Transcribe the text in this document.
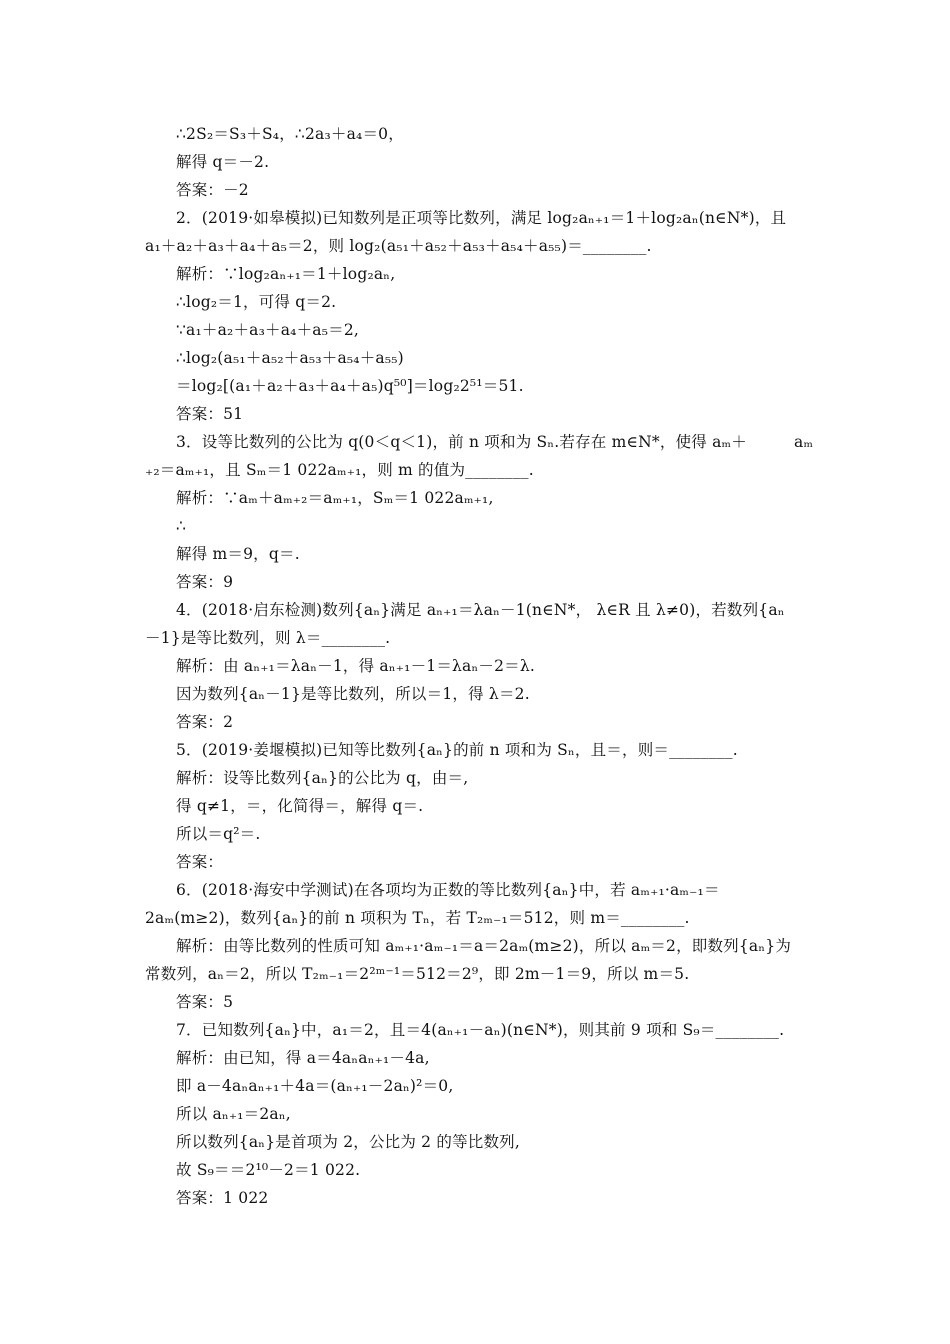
∴2S₂＝S₃＋S₄，∴2a₃＋a₄＝0，
解得 q＝－2.
答案：－2
2．(2019·如皋模拟)已知数列是正项等比数列，满足 log₂aₙ₊₁＝1＋log₂aₙ(n∈N*)，且
a₁＋a₂＋a₃＋a₄＋a₅＝2，则 log₂(a₅₁＋a₅₂＋a₅₃＋a₅₄＋a₅₅)＝________.
解析：∵log₂aₙ₊₁＝1＋log₂aₙ,
∴log₂＝1，可得 q＝2.
∵a₁＋a₂＋a₃＋a₄＋a₅＝2,
∴log₂(a₅₁＋a₅₂＋a₅₃＋a₅₄＋a₅₅)
＝log₂[(a₁＋a₂＋a₃＋a₄＋a₅)q⁵⁰]＝log₂2⁵¹＝51.
答案：51
3．设等比数列的公比为 q(0＜q＜1)，前 n 项和为 Sₙ.若存在 m∈N*，使得 aₘ＋	aₘ
₊₂＝aₘ₊₁，且 Sₘ＝1 022aₘ₊₁，则 m 的值为________.
解析：∵aₘ＋aₘ₊₂＝aₘ₊₁，Sₘ＝1 022aₘ₊₁,
∴
解得 m＝9，q＝.
答案：9
4．(2018·启东检测)数列{aₙ}满足 aₙ₊₁＝λaₙ－1(n∈N*， λ∈R 且 λ≠0)，若数列{aₙ
－1}是等比数列，则 λ＝________.
解析：由 aₙ₊₁＝λaₙ－1，得 aₙ₊₁－1＝λaₙ－2＝λ.
因为数列{aₙ－1}是等比数列，所以＝1，得 λ＝2.
答案：2
5．(2019·姜堰模拟)已知等比数列{aₙ}的前 n 项和为 Sₙ，且＝，则＝________.
解析：设等比数列{aₙ}的公比为 q，由＝,
得 q≠1，＝，化简得＝，解得 q＝.
所以＝q²＝.
答案：
6．(2018·海安中学测试)在各项均为正数的等比数列{aₙ}中，若 aₘ₊₁·aₘ₋₁＝
2aₘ(m≥2)，数列{aₙ}的前 n 项积为 Tₙ，若 T₂ₘ₋₁＝512，则 m＝________.
解析：由等比数列的性质可知 aₘ₊₁·aₘ₋₁＝a＝2aₘ(m≥2)，所以 aₘ＝2，即数列{aₙ}为
常数列，aₙ＝2，所以 T₂ₘ₋₁＝2²ᵐ⁻¹＝512＝2⁹，即 2m－1＝9，所以 m＝5.
答案：5
7．已知数列{aₙ}中，a₁＝2，且＝4(aₙ₊₁－aₙ)(n∈N*)，则其前 9 项和 S₉＝________.
解析：由已知，得 a＝4aₙaₙ₊₁－4a,
即 a－4aₙaₙ₊₁＋4a＝(aₙ₊₁－2aₙ)²＝0,
所以 aₙ₊₁＝2aₙ,
所以数列{aₙ}是首项为 2，公比为 2 的等比数列,
故 S₉＝＝2¹⁰－2＝1 022.
答案：1 022
